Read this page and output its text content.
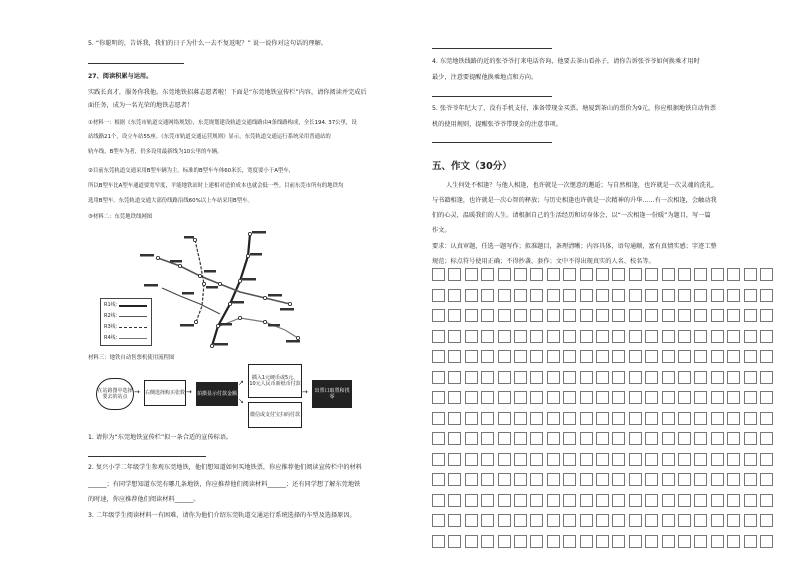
5. “你聪明的，告诉我，我们的日子为什么一去不复返呢？” 说一说你对这句话的理解。
27、阅读积累与运用。
实践长真才，服务你我他。东莞地铁招募志愿者啦！下面是“东莞地铁宣传栏”内容，请你阅读并完成后
面任务，成为一名光荣的地铁志愿者！
①材料一：根据《东莞市轨道交通网络规划》，东莞规划建设轨道交通线路由4条线路构成，全长194. 37公里，设
站线路21个，设立车站55座。《东莞市轨道交通运营规则》显示，东莞轨道交通运行系统采用普通站的
轨车线，B型车为者，仍多设用最新线为10公里的车辆。
②目前东莞轨道交通采用B型车辆为主。标准的B型车车体60米长，宽度要小于A型车，
所以B型车比A型车通道要宽窄度，平能地铁站时上建相对造价成本也就会低一些。目前东莞市所有的地铁均
选用B型车。东莞轨道交通大部份线路沿线60%以上车站采用B型车。
③材料二：东莞地铁线网图
R1线：
R2线：
R3线：
R4线：
材料三：地铁自动售票机使用流程图
在站路图中选择要去的站点
→ 右侧选择购买张数 → 拍摄显示付款金额
↗
↘
插入1元硬币或5元、10元人民币新纸币付款
微信或支付宝扫码付款
→	出票口取票和找零
1. 请你为“东莞地铁宣传栏”拟一条合适的宣传标语。
2. 复兴小学二年级学生参观东莞地铁，他们想知道如何买地铁票，你应推荐他们阅读宣传栏中的材料
______；有同学想知道东莞有哪几条地铁，你应推荐他们阅读材料______；还有同学想了解东莞地铁
的时速，你应推荐他们阅读材料______。
3. 二年级学生阅读材料一有困难，请你为他们介绍东莞轨道交通运行系统选择的车型及选择原因。
4. 东莞地铁线路的近的张爷爷打来电话咨询，他要去茶山看孙子，请你告诉张爷爷如何换乘才用时
最少，注意要提醒他换乘地点和方向。
5. 张爷爷年纪大了，没有手机支付，准备带现金买票。塘厦到茶山的票价为9元，你应根据地铁自动售票
机的使用规则，提醒张爷爷带现金的注意事项。
五、作文（30分）
人生何处不相逢？与他人相逢，也许就是一次惬意的邂逅；与自然相逢，也许就是一次灵魂的洗礼，
与书籍相逢，也许就是一次心智的释放；与历史相逢也许就是一次精神的升华……有一次相逢，会触动我
们的心灵，温暖我们的人生。请根据自己的生活经历和切身体会，以“一次相逢一份暖”为题目，写一篇
作文。
要求：认真审题，任选一题写作；拟准题目，条理清晰；内容具体，语句通顺，富有真情实感；字迹工整
规范；标点符号使用正确；不得抄袭、套作；文中不得出现真实的人名、校名等。
